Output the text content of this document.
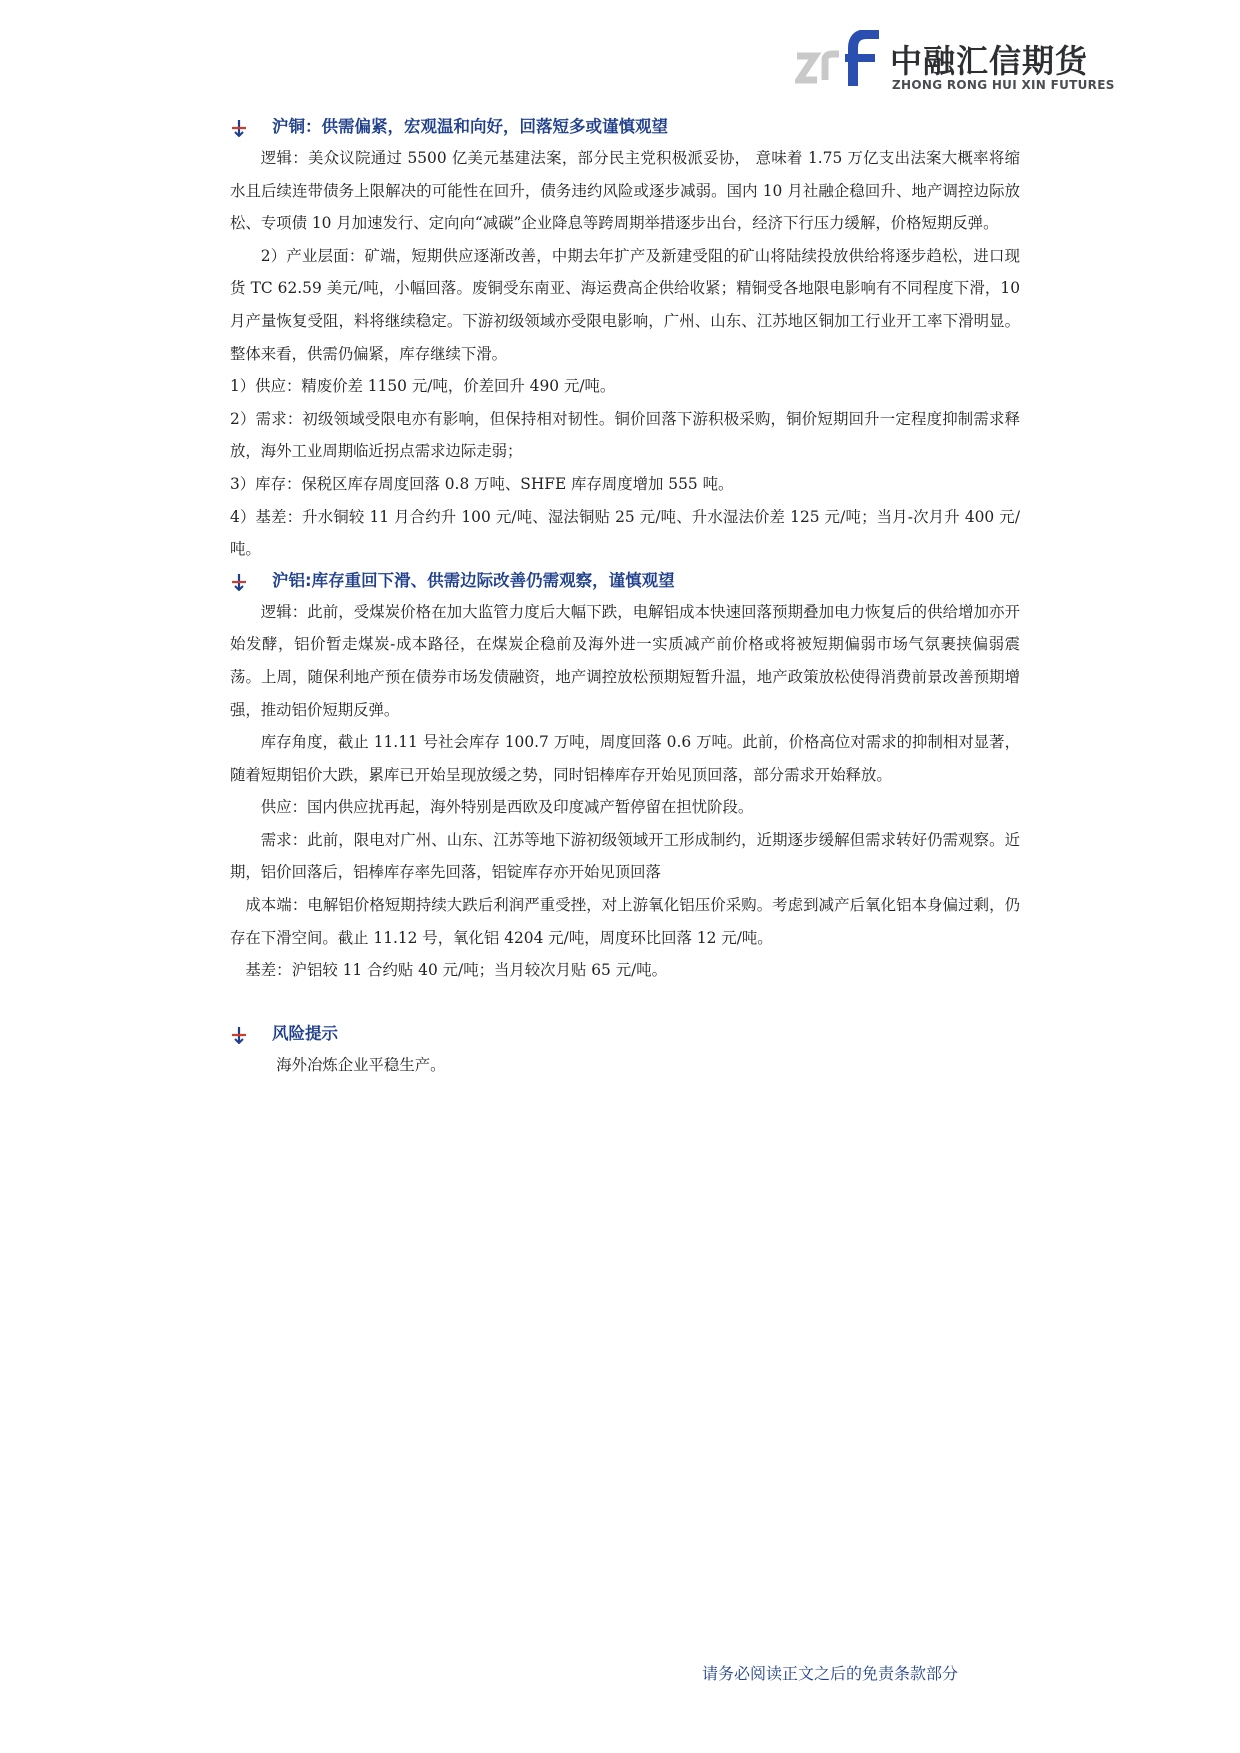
中融汇信期货
ZHONG RONG HUI XIN FUTURES
沪铜：供需偏紧，宏观温和向好，回落短多或谨慎观望

逻辑：美众议院通过 5500 亿美元基建法案，部分民主党积极派妥协， 意味着 1.75 万亿支出法案大概率将缩水且后续连带债务上限解决的可能性在回升，债务违约风险或逐步减弱。国内 10 月社融企稳回升、地产调控边际放松、专项债 10 月加速发行、定向向“减碳”企业降息等跨周期举措逐步出台，经济下行压力缓解，价格短期反弹。

2）产业层面：矿端，短期供应逐渐改善，中期去年扩产及新建受阻的矿山将陆续投放供给将逐步趋松，进口现货 TC 62.59 美元/吨，小幅回落。废铜受东南亚、海运费高企供给收紧；精铜受各地限电影响有不同程度下滑，10 月产量恢复受阻，料将继续稳定。下游初级领域亦受限电影响，广州、山东、江苏地区铜加工行业开工率下滑明显。整体来看，供需仍偏紧，库存继续下滑。

1）供应：精废价差 1150 元/吨，价差回升 490 元/吨。

2）需求：初级领域受限电亦有影响，但保持相对韧性。铜价回落下游积极采购，铜价短期回升一定程度抑制需求释放，海外工业周期临近拐点需求边际走弱；

3）库存：保税区库存周度回落 0.8 万吨、SHFE 库存周度增加 555 吨。

4）基差：升水铜较 11 月合约升 100 元/吨、湿法铜贴 25 元/吨、升水湿法价差 125 元/吨；当月-次月升 400 元/吨。

沪铝:库存重回下滑、供需边际改善仍需观察，谨慎观望

逻辑：此前，受煤炭价格在加大监管力度后大幅下跌，电解铝成本快速回落预期叠加电力恢复后的供给增加亦开始发酵，铝价暂走煤炭-成本路径，在煤炭企稳前及海外进一实质减产前价格或将被短期偏弱市场气氛裹挟偏弱震荡。上周，随保利地产预在债券市场发债融资，地产调控放松预期短暂升温，地产政策放松使得消费前景改善预期增强，推动铝价短期反弹。

库存角度，截止 11.11 号社会库存 100.7 万吨，周度回落 0.6 万吨。此前，价格高位对需求的抑制相对显著，随着短期铝价大跌，累库已开始呈现放缓之势，同时铝棒库存开始见顶回落，部分需求开始释放。

供应：国内供应扰再起，海外特别是西欧及印度减产暂停留在担忧阶段。

需求：此前，限电对广州、山东、江苏等地下游初级领域开工形成制约，近期逐步缓解但需求转好仍需观察。近期，铝价回落后，铝棒库存率先回落，铝锭库存亦开始见顶回落

成本端：电解铝价格短期持续大跌后利润严重受挫，对上游氧化铝压价采购。考虑到减产后氧化铝本身偏过剩，仍存在下滑空间。截止 11.12 号，氧化铝 4204 元/吨，周度环比回落 12 元/吨。

基差：沪铝较 11 合约贴 40 元/吨；当月较次月贴 65 元/吨。

风险提示

海外冶炼企业平稳生产。

请务必阅读正文之后的免责条款部分
